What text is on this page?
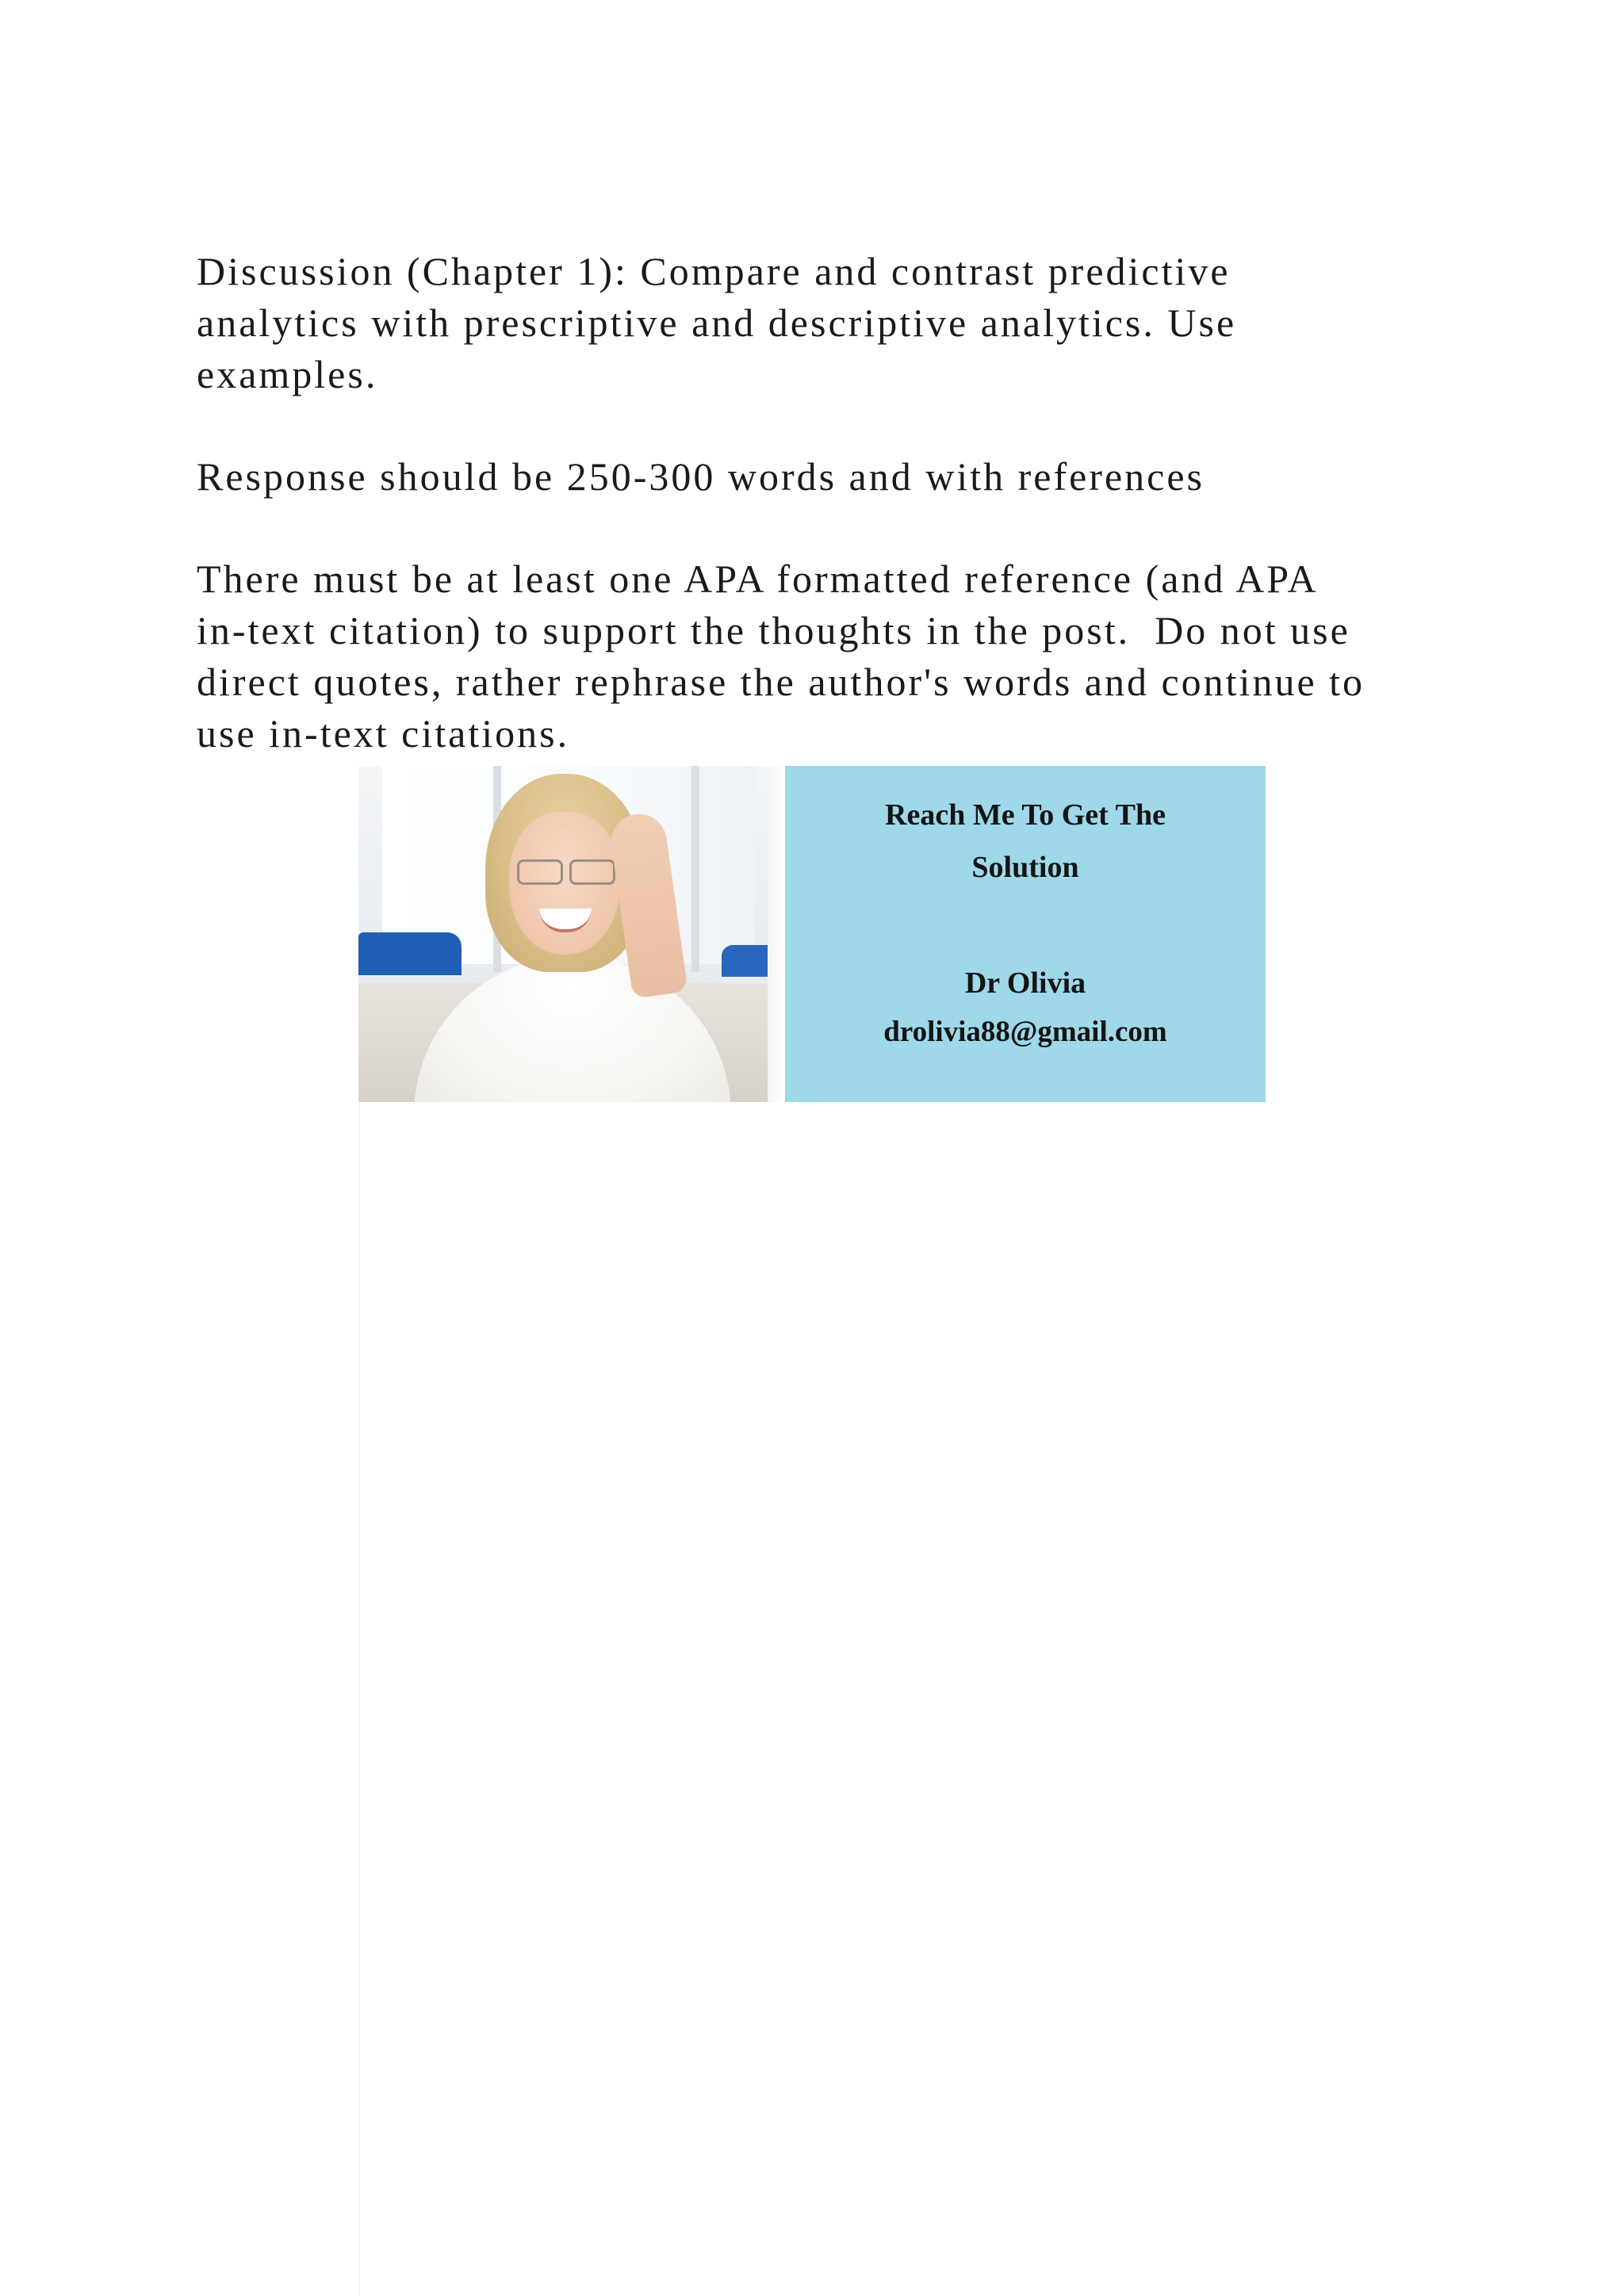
Discussion (Chapter 1): Compare and contrast predictive
analytics with prescriptive and descriptive analytics. Use
examples.

Response should be 250-300 words and with references

There must be at least one APA formatted reference (and APA
in-text citation) to support the thoughts in the post.  Do not use
direct quotes, rather rephrase the author's words and continue to
use in-text citations.

Reach Me To Get The
Solution
Dr Olivia
drolivia88@gmail.com
